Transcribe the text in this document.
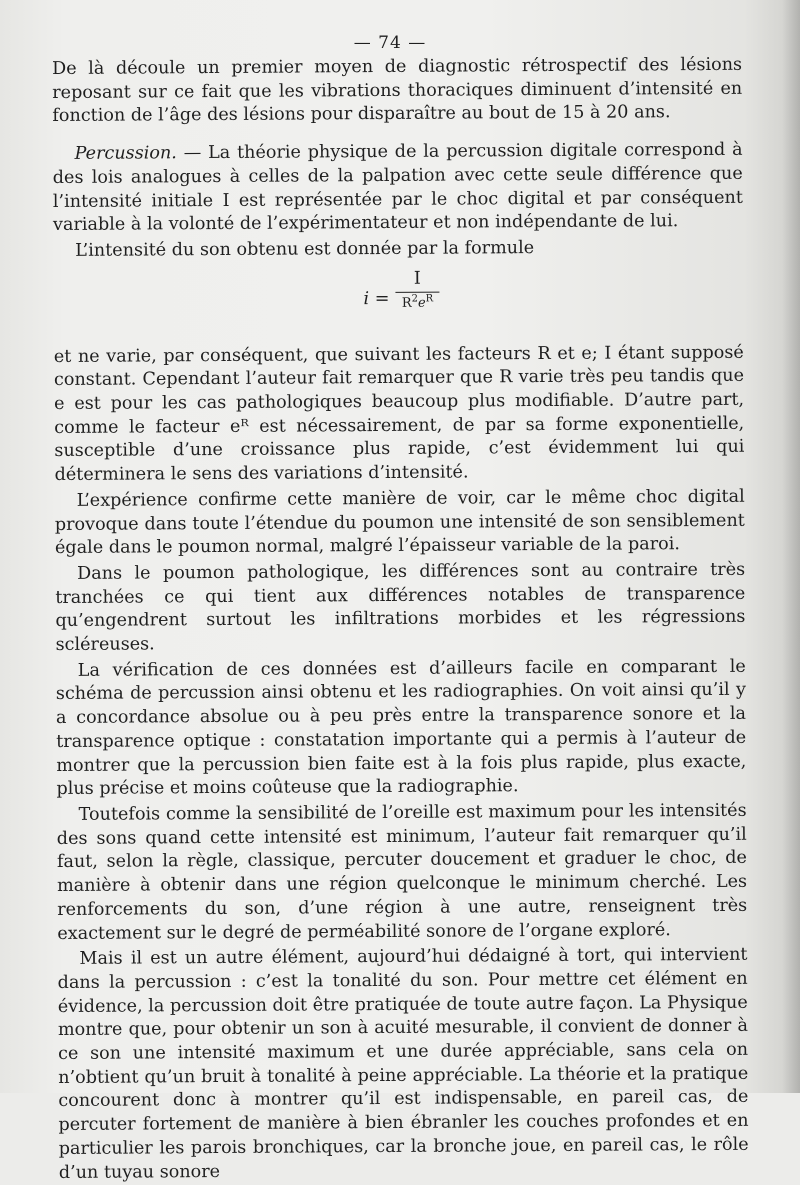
— 74 —

De là découle un premier moyen de diagnostic rétrospectif des lésions reposant sur ce fait que les vibrations thoraciques diminuent d’intensité en fonction de l’âge des lésions pour disparaître au bout de 15 à 20 ans.

Percussion. — La théorie physique de la percussion digitale correspond à des lois analogues à celles de la palpation avec cette seule différence que l’intensité initiale I est représentée par le choc digital et par conséquent variable à la volonté de l’expérimentateur et non indépendante de lui.

L’intensité du son obtenu est donnée par la formule

i =
I
$R^2e^R$

et ne varie, par conséquent, que suivant les facteurs R et e; I étant supposé constant. Cependant l’auteur fait remarquer que R varie très peu tandis que e est pour les cas pathologiques beaucoup plus modifiable. D’autre part, comme le facteur eᴿ est nécessairement, de par sa forme exponentielle, susceptible d’une croissance plus rapide, c’est évidemment lui qui déterminera le sens des variations d’intensité.

L’expérience confirme cette manière de voir, car le même choc digital provoque dans toute l’étendue du poumon une intensité de son sensiblement égale dans le poumon normal, malgré l’épaisseur variable de la paroi.

Dans le poumon pathologique, les différences sont au contraire très tranchées ce qui tient aux différences notables de transparence qu’engendrent surtout les infiltrations morbides et les régressions scléreuses.

La vérification de ces données est d’ailleurs facile en comparant le schéma de percussion ainsi obtenu et les radiographies. On voit ainsi qu’il y a concordance absolue ou à peu près entre la transparence sonore et la transparence optique : constatation importante qui a permis à l’auteur de montrer que la percussion bien faite est à la fois plus rapide, plus exacte, plus précise et moins coûteuse que la radiographie.

Toutefois comme la sensibilité de l’oreille est maximum pour les intensités des sons quand cette intensité est minimum, l’auteur fait remarquer qu’il faut, selon la règle, classique, percuter doucement et graduer le choc, de manière à obtenir dans une région quelconque le minimum cherché. Les renforcements du son, d’une région à une autre, renseignent très exactement sur le degré de perméabilité sonore de l’organe exploré.

Mais il est un autre élément, aujourd’hui dédaigné à tort, qui intervient dans la percussion : c’est la tonalité du son. Pour mettre cet élément en évidence, la percussion doit être pratiquée de toute autre façon. La Physique montre que, pour obtenir un son à acuité mesurable, il convient de donner à ce son une intensité maximum et une durée appréciable, sans cela on n’obtient qu’un bruit à tonalité à peine appréciable. La théorie et la pratique concourent donc à montrer qu’il est indispensable, en pareil cas, de percuter fortement de manière à bien ébranler les couches profondes et en particulier les parois bronchiques, car la bronche joue, en pareil cas, le rôle d’un tuyau sonore
